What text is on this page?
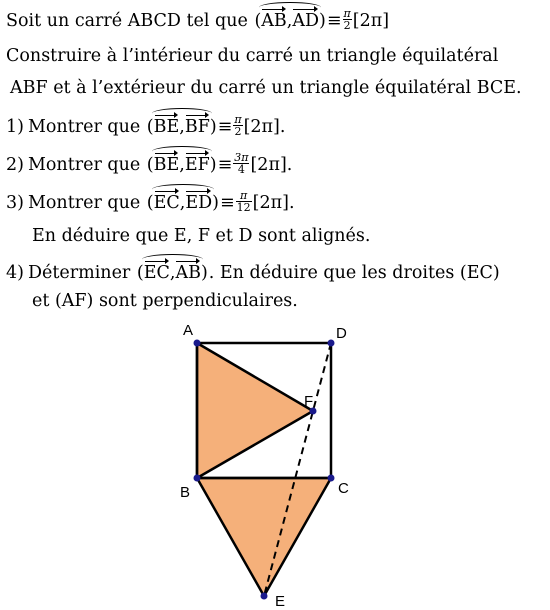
Soit un carré ABCD tel que
$(AB,AD)\equiv \frac{\pi}{2} [2\pi]$
Construire à l’intérieur du carré un triangle équilatéral
ABF et à l’extérieur du carré un triangle équilatéral BCE.
1) Montrer que
$(BE,BF)\equiv \frac{\pi}{2} [2\pi]$.
2) Montrer que
$(BE,EF)\equiv \frac{3\pi}{4} [2\pi]$.
3) Montrer que
$(EC,ED)\equiv \frac{\pi}{12} [2\pi]$.
En déduire que E, F et D sont alignés.
4) Déterminer
(EC,AB). En déduire que les droites (EC)
et (AF) sont perpendiculaires.
A	D
F
B	C
E
